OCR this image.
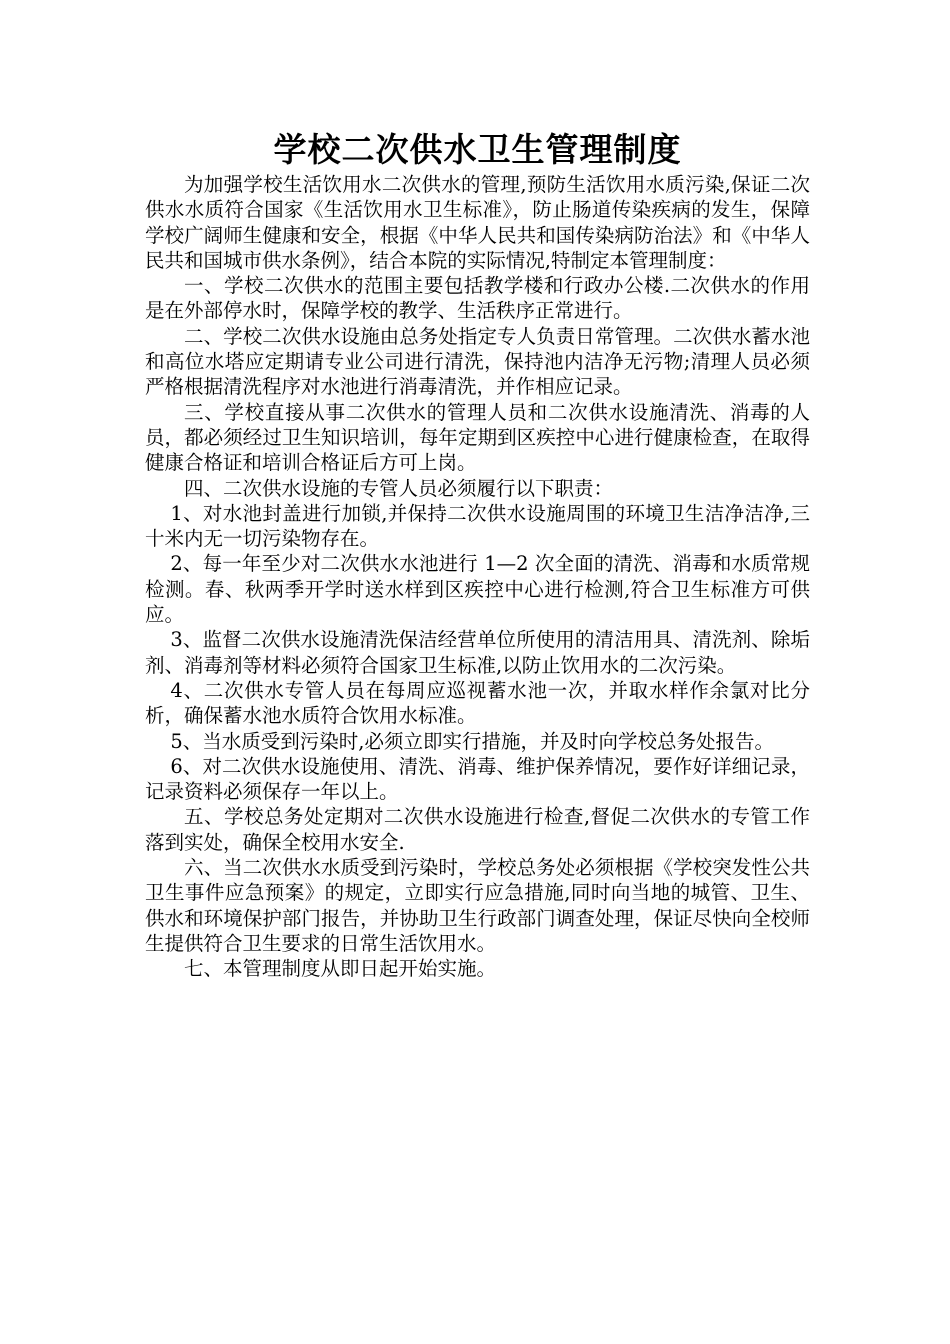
学校二次供水卫生管理制度

为加强学校生活饮用水二次供水的管理,预防生活饮用水质污染,保证二次供水水质符合国家《生活饮用水卫生标准》，防止肠道传染疾病的发生，保障学校广阔师生健康和安全，根据《中华人民共和国传染病防治法》和《中华人民共和国城市供水条例》，结合本院的实际情况,特制定本管理制度：

一、学校二次供水的范围主要包括教学楼和行政办公楼.二次供水的作用是在外部停水时，保障学校的教学、生活秩序正常进行。

二、学校二次供水设施由总务处指定专人负责日常管理。二次供水蓄水池和高位水塔应定期请专业公司进行清洗，保持池内洁净无污物;清理人员必须严格根据清洗程序对水池进行消毒清洗，并作相应记录。

三、学校直接从事二次供水的管理人员和二次供水设施清洗、消毒的人员，都必须经过卫生知识培训，每年定期到区疾控中心进行健康检查，在取得健康合格证和培训合格证后方可上岗。

四、二次供水设施的专管人员必须履行以下职责：

1、对水池封盖进行加锁,并保持二次供水设施周围的环境卫生洁净洁净,三十米内无一切污染物存在。

2、每一年至少对二次供水水池进行 1—2 次全面的清洗、消毒和水质常规检测。春、秋两季开学时送水样到区疾控中心进行检测,符合卫生标准方可供应。

3、监督二次供水设施清洗保洁经营单位所使用的清洁用具、清洗剂、除垢剂、消毒剂等材料必须符合国家卫生标准,以防止饮用水的二次污染。

4、二次供水专管人员在每周应巡视蓄水池一次，并取水样作余氯对比分析，确保蓄水池水质符合饮用水标准。

5、当水质受到污染时,必须立即实行措施，并及时向学校总务处报告。

6、对二次供水设施使用、清洗、消毒、维护保养情况，要作好详细记录，记录资料必须保存一年以上。

五、学校总务处定期对二次供水设施进行检查,督促二次供水的专管工作落到实处，确保全校用水安全.

六、当二次供水水质受到污染时，学校总务处必须根据《学校突发性公共卫生事件应急预案》的规定，立即实行应急措施,同时向当地的城管、卫生、供水和环境保护部门报告，并协助卫生行政部门调查处理，保证尽快向全校师生提供符合卫生要求的日常生活饮用水。

七、本管理制度从即日起开始实施。
